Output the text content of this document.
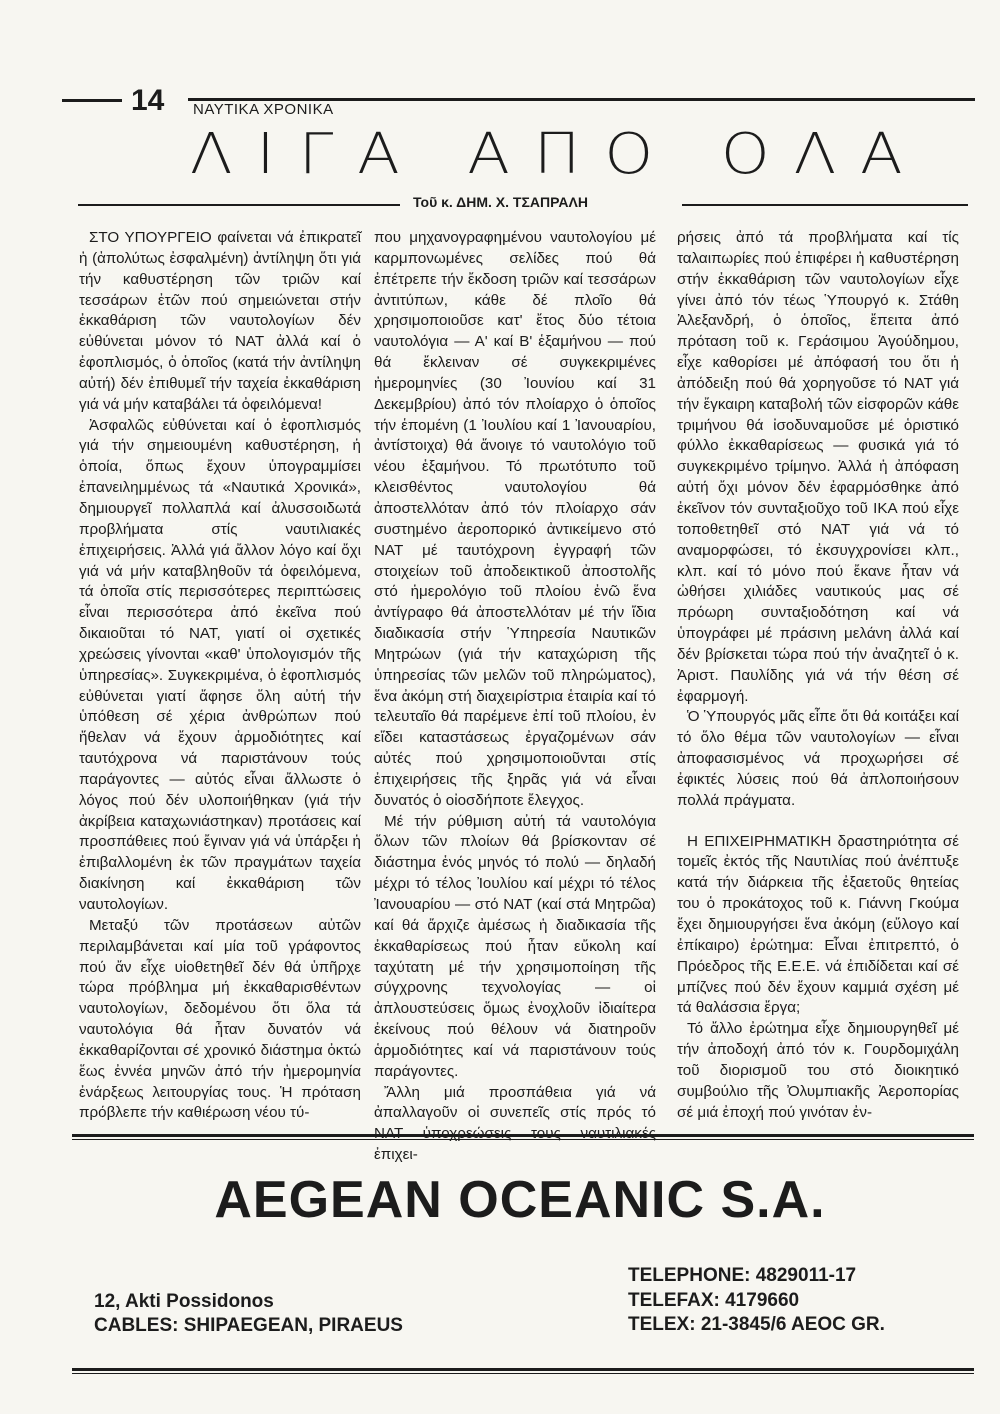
14 ΝΑΥΤΙΚΑ ΧΡΟΝΙΚΑ
ΛΙΓΑ ΑΠΟ ΟΛΑ
Τοῦ κ. ΔΗΜ. Χ. ΤΣΑΠΡΑΛΗ

ΣΤΟ ΥΠΟΥΡΓΕΙΟ φαίνεται νά ἐπικρατεῖ ἡ (ἀπολύτως ἐσφαλμένη) ἀντίληψη ὅτι γιά τήν καθυστέρηση τῶν τριῶν καί τεσσάρων ἐτῶν πού σημειώνεται στήν ἐκκαθάριση τῶν ναυτολογίων δέν εὐθύνεται μόνον τό ΝΑΤ ἀλλά καί ὁ ἐφοπλισμός, ὁ ὁποῖος (κατά τήν ἀντίληψη αὐτή) δέν ἐπιθυμεῖ τήν ταχεία ἐκκαθάριση γιά νά μήν καταβάλει τά ὀφειλόμενα!

Ἀσφαλῶς εὐθύνεται καί ὁ ἐφοπλισμός γιά τήν σημειουμένη καθυστέρηση, ἡ ὁποία, ὅπως ἔχουν ὑπογραμμίσει ἐπανειλημμένως τά «Ναυτικά Χρονικά», δημιουργεῖ πολλαπλά καί ἀλυσσοιδωτά προβλήματα στίς ναυτιλιακές ἐπιχειρήσεις. Ἀλλά γιά ἄλλον λόγο καί ὄχι γιά νά μήν καταβληθοῦν τά ὀφειλόμενα, τά ὁποῖα στίς περισσότερες περιπτώσεις εἶναι περισσότερα ἀπό ἐκεῖνα πού δικαιοῦται τό ΝΑΤ, γιατί οἱ σχετικές χρεώσεις γίνονται «καθ' ὑπολογισμόν τῆς ὑπηρεσίας». Συγκεκριμένα, ὁ ἐφοπλισμός εὐθύνεται γιατί ἄφησε ὅλη αὐτή τήν ὑπόθεση σέ χέρια ἀνθρώπων πού ἤθελαν νά ἔχουν ἁρμοδιότητες καί ταυτόχρονα νά παριστάνουν τούς παράγοντες — αὐτός εἶναι ἄλλωστε ὁ λόγος πού δέν υλοποιήθηκαν (γιά τήν ἀκρίβεια καταχωνιάστηκαν) προτάσεις καί προσπάθειες πού ἔγιναν γιά νά ὑπάρξει ἡ ἐπιβαλλομένη ἐκ τῶν πραγμάτων ταχεία διακίνηση καί ἐκκαθάριση τῶν ναυτολογίων.

Μεταξύ τῶν προτάσεων αὐτῶν περιλαμβάνεται καί μία τοῦ γράφοντος πού ἄν εἶχε υἱοθετηθεῖ δέν θά ὑπῆρχε τώρα πρόβλημα μή ἐκκαθαρισθέντων ναυτολογίων, δεδομένου ὅτι ὅλα τά ναυτολόγια θά ἦταν δυνατόν νά ἐκκαθαρίζονται σέ χρονικό διάστημα ὀκτώ ἕως ἐννέα μηνῶν ἀπό τήν ἡμερομηνία ἐνάρξεως λειτουργίας τους. Ἡ πρόταση πρόβλεπε τήν καθιέρωση νέου τύ-

που μηχανογραφημένου ναυτολογίου μέ καρμπονωμένες σελίδες πού θά ἐπέτρεπε τήν ἔκδοση τριῶν καί τεσσάρων ἀντιτύπων, κάθε δέ πλοῖο θά χρησιμοποιοῦσε κατ' ἔτος δύο τέτοια ναυτολόγια — Α' καί Β' ἑξαμήνου — πού θά ἔκλειναν σέ συγκεκριμένες ἡμερομηνίες (30 Ἰουνίου καί 31 Δεκεμβρίου) ἀπό τόν πλοίαρχο ὁ ὁποῖος τήν ἑπομένη (1 Ἰουλίου καί 1 Ἰανουαρίου, ἀντίστοιχα) θά ἄνοιγε τό ναυτολόγιο τοῦ νέου ἑξαμήνου. Τό πρωτότυπο τοῦ κλεισθέντος ναυτολογίου θά ἀποστελλόταν ἀπό τόν πλοίαρχο σάν συστημένο ἀεροπορικό ἀντικείμενο στό ΝΑΤ μέ ταυτόχρονη ἐγγραφή τῶν στοιχείων τοῦ ἀποδεικτικοῦ ἀποστολῆς στό ἡμερολόγιο τοῦ πλοίου ἐνῶ ἕνα ἀντίγραφο θά ἀποστελλόταν μέ τήν ἴδια διαδικασία στήν Ὑπηρεσία Ναυτικῶν Μητρώων (γιά τήν καταχώριση τῆς ὑπηρεσίας τῶν μελῶν τοῦ πληρώματος), ἕνα ἀκόμη στή διαχειρίστρια ἑταιρία καί τό τελευταῖο θά παρέμενε ἐπί τοῦ πλοίου, ἐν εἴδει καταστάσεως ἐργαζομένων σάν αὐτές πού χρησιμοποιοῦνται στίς ἐπιχειρήσεις τῆς ξηρᾶς γιά νά εἶναι δυνατός ὁ οἰοσδήποτε ἔλεγχος.

Μέ τήν ρύθμιση αὐτή τά ναυτολόγια ὅλων τῶν πλοίων θά βρίσκονταν σέ διάστημα ἑνός μηνός τό πολύ — δηλαδή μέχρι τό τέλος Ἰουλίου καί μέχρι τό τέλος Ἰανουαρίου — στό ΝΑΤ (καί στά Μητρῶα) καί θά ἄρχιζε ἀμέσως ἡ διαδικασία τῆς ἐκκαθαρίσεως πού ἦταν εὔκολη καί ταχύτατη μέ τήν χρησιμοποίηση τῆς σύγχρονης τεχνολογίας — οἱ ἀπλουστεύσεις ὅμως ἐνοχλοῦν ἰδιαίτερα ἐκείνους πού θέλουν νά διατηροῦν ἁρμοδιότητες καί νά παριστάνουν τούς παράγοντες.

Ἄλλη μιά προσπάθεια γιά νά ἀπαλλαγοῦν οἱ συνεπεῖς στίς πρός τό ἐπιχει-

ρήσεις ἀπό τά προβλήματα καί τίς ταλαιπωρίες πού ἐπιφέρει ἡ καθυστέρηση στήν ἐκκαθάριση τῶν ναυτολογίων εἶχε γίνει ἀπό τόν τέως Ὑπουργό κ. Στάθη Ἀλεξανδρή, ὁ ὁποῖος, ἔπειτα ἀπό πρόταση τοῦ κ. Γεράσιμου Ἀγούδημου, εἶχε καθορίσει μέ ἀπόφασή του ὅτι ἡ ἀπόδειξη πού θά χορηγοῦσε τό ΝΑΤ γιά τήν ἔγκαιρη καταβολή τῶν εἰσφορῶν κάθε τριμήνου θά ἰσοδυναμοῦσε μέ ὁριστικό φύλλο ἐκκαθαρίσεως — φυσικά γιά τό συγκεκριμένο τρίμηνο. Ἀλλά ἡ ἀπόφαση αὐτή ὄχι μόνον δέν ἐφαρμόσθηκε ἀπό ἐκεῖνον τόν συνταξιοῦχο τοῦ ΙΚΑ πού εἶχε τοποθετηθεῖ στό ΝΑΤ γιά νά τό αναμορφώσει, τό ἐκσυγχρονίσει κλπ., κλπ. καί τό μόνο πού ἔκανε ἦταν νά ὠθήσει χιλιάδες ναυτικούς μας σέ πρόωρη συνταξιοδότηση καί νά ὑπογράφει μέ πράσινη μελάνη ἀλλά καί δέν βρίσκεται τώρα πού τήν ἀναζητεῖ ὁ κ. Ἀριστ. Παυλίδης γιά νά τήν θέση σέ ἐφαρμογή.

Ὁ Ὑπουργός μᾶς εἶπε ὅτι θά κοιτάξει καί τό ὅλο θέμα τῶν ναυτολογίων — εἶναι ἀποφασισμένος νά προχωρήσει σέ ἐφικτές λύσεις πού θά ἀπλοποιήσουν πολλά πράγματα.

Η ΕΠΙΧΕΙΡΗΜΑΤΙΚΗ δραστηριότητα σέ τομεῖς ἐκτός τῆς Ναυτιλίας πού ἀνέπτυξε κατά τήν διάρκεια τῆς ἐξαετοῦς θητείας του ὁ προκάτοχος τοῦ κ. Γιάννη Γκούμα ἔχει δημιουργήσει ἕνα ἀκόμη (εὔλογο καί ἐπίκαιρο) ἐρώτημα: Εἶναι ἐπιτρεπτό, ὁ Πρόεδρος τῆς Ε.Ε.Ε. νά ἐπιδίδεται καί σέ μπίζνες πού δέν ἔχουν καμμιά σχέση μέ τά θαλάσσια ἔργα;

Τό ἄλλο ἐρώτημα εἶχε δημιουργηθεῖ μέ τήν ἀποδοχή ἀπό τόν κ. Γουρδομιχάλη τοῦ διορισμοῦ του στό διοικητικό συμβούλιο τῆς Ὀλυμπιακῆς Ἀεροπορίας σέ μιά ἐποχή πού γινόταν ἐν-

AEGEAN OCEANIC S.A.
12, Akti Possidonos
CABLES: SHIPAEGEAN, PIRAEUS
TELEPHONE: 4829011-17
TELEFAX: 4179660
TELEX: 21-3845/6 AEOC GR.
